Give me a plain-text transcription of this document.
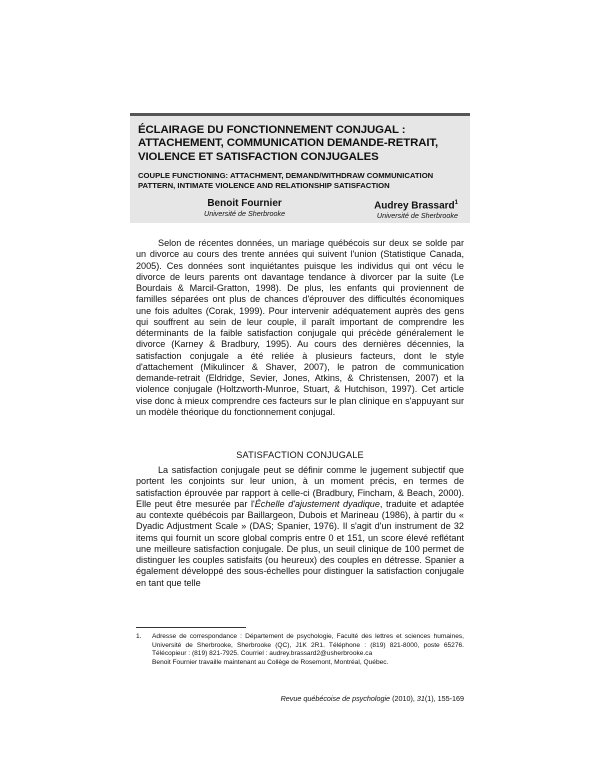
ÉCLAIRAGE DU FONCTIONNEMENT CONJUGAL : ATTACHEMENT, COMMUNICATION DEMANDE-RETRAIT, VIOLENCE ET SATISFACTION CONJUGALES
COUPLE FUNCTIONING: ATTACHMENT, DEMAND/WITHDRAW COMMUNICATION PATTERN, INTIMATE VIOLENCE AND RELATIONSHIP SATISFACTION
Benoit Fournier
Université de Sherbrooke
Audrey Brassard$^1$
Université de Sherbrooke

Selon de récentes données, un mariage québécois sur deux se solde par un divorce au cours des trente années qui suivent l'union (Statistique Canada, 2005). Ces données sont inquiétantes puisque les individus qui ont vécu le divorce de leurs parents ont davantage tendance à divorcer par la suite (Le Bourdais & Marcil-Gratton, 1998). De plus, les enfants qui proviennent de familles séparées ont plus de chances d'éprouver des difficultés économiques une fois adultes (Corak, 1999). Pour intervenir adéquatement auprès des gens qui souffrent au sein de leur couple, il paraît important de comprendre les déterminants de la faible satisfaction conjugale qui précède généralement le divorce (Karney & Bradbury, 1995). Au cours des dernières décennies, la satisfaction conjugale a été reliée à plusieurs facteurs, dont le style d'attachement (Mikulincer & Shaver, 2007), le patron de communication demande-retrait (Eldridge, Sevier, Jones, Atkins, & Christensen, 2007) et la violence conjugale (Holtzworth-Munroe, Stuart, & Hutchison, 1997). Cet article vise donc à mieux comprendre ces facteurs sur le plan clinique en s'appuyant sur un modèle théorique du fonctionnement conjugal.

SATISFACTION CONJUGALE

La satisfaction conjugale peut se définir comme le jugement subjectif que portent les conjoints sur leur union, à un moment précis, en termes de satisfaction éprouvée par rapport à celle-ci (Bradbury, Fincham, & Beach, 2000). Elle peut être mesurée par l'Échelle d'ajustement dyadique, traduite et adaptée au contexte québécois par Baillargeon, Dubois et Marineau (1986), à partir du « Dyadic Adjustment Scale » (DAS; Spanier, 1976). Il s'agit d'un instrument de 32 items qui fournit un score global compris entre 0 et 151, un score élevé reflétant une meilleure satisfaction conjugale. De plus, un seuil clinique de 100 permet de distinguer les couples satisfaits (ou heureux) des couples en détresse. Spanier a également développé des sous-échelles pour distinguer la satisfaction conjugale en tant que telle

1.	Adresse de correspondance : Département de psychologie, Faculté des lettres et sciences humaines, Université de Sherbrooke, Sherbrooke (QC), J1K 2R1. Téléphone : (819) 821-8000, poste 65276. Télécopieur : (819) 821-7925. Courriel : audrey.brassard2@usherbrooke.ca
Benoit Fournier travaille maintenant au Collège de Rosemont, Montréal, Québec.
Revue québécoise de psychologie (2010), 31(1), 155-169
